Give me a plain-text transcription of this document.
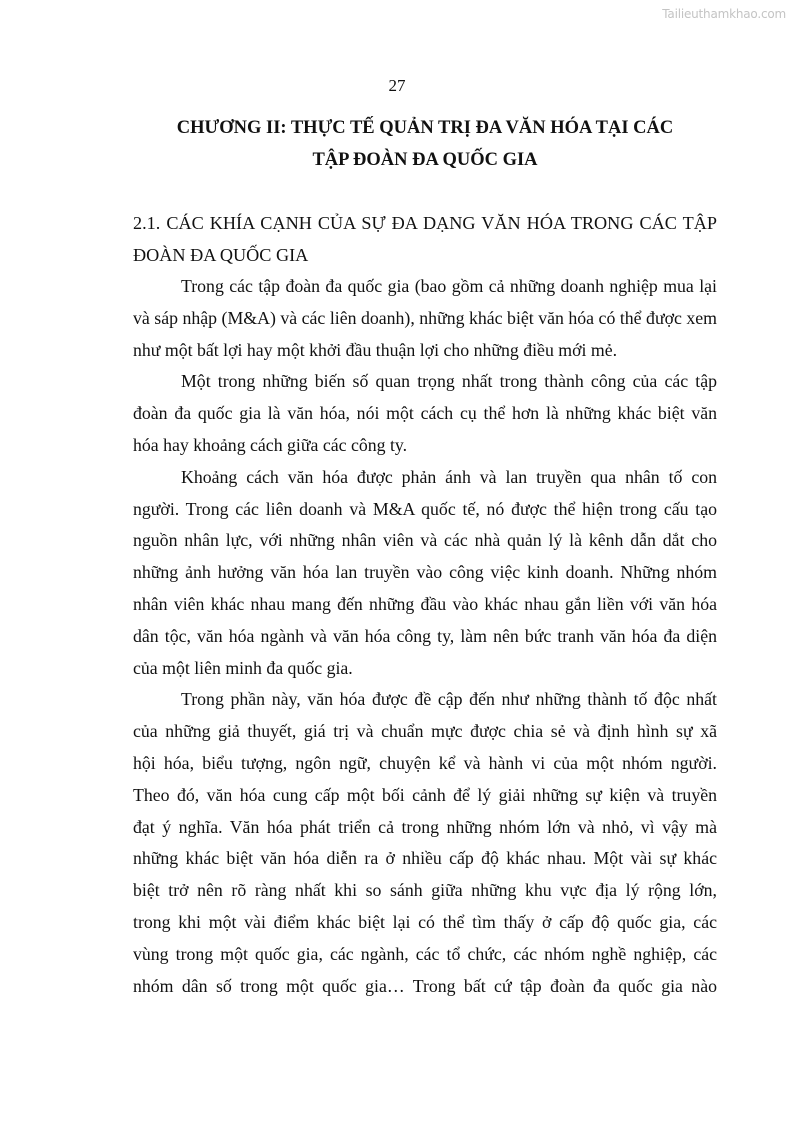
Tailieuthamkhao.com
27
CHƯƠNG II: THỰC TẾ QUẢN TRỊ ĐA VĂN HÓA TẠI CÁC
TẬP ĐOÀN ĐA QUỐC GIA
2.1. CÁC KHÍA CẠNH CỦA SỰ ĐA DẠNG VĂN HÓA TRONG CÁC TẬP
ĐOÀN ĐA QUỐC GIA
Trong các tập đoàn đa quốc gia (bao gồm cả những doanh nghiệp mua lại
và sáp nhập (M&A) và các liên doanh), những khác biệt văn hóa có thể được xem
như một bất lợi hay một khởi đầu thuận lợi cho những điều mới mẻ.
Một trong những biến số quan trọng nhất trong thành công của các tập
đoàn đa quốc gia là văn hóa, nói một cách cụ thể hơn là những khác biệt văn
hóa hay khoảng cách giữa các công ty.
Khoảng cách văn hóa được phản ánh và lan truyền qua nhân tố con
người. Trong các liên doanh và M&A quốc tế, nó được thể hiện trong cấu tạo
nguồn nhân lực, với những nhân viên và các nhà quản lý là kênh dẫn dắt cho
những ảnh hưởng văn hóa lan truyền vào công việc kinh doanh. Những nhóm
nhân viên khác nhau mang đến những đầu vào khác nhau gắn liền với văn hóa
dân tộc, văn hóa ngành và văn hóa công ty, làm nên bức tranh văn hóa đa diện
của một liên minh đa quốc gia.
Trong phần này, văn hóa được đề cập đến như những thành tố độc nhất
của những giả thuyết, giá trị và chuẩn mực được chia sẻ và định hình sự xã
hội hóa, biểu tượng, ngôn ngữ, chuyện kể và hành vi của một nhóm người.
Theo đó, văn hóa cung cấp một bối cảnh để lý giải những sự kiện và truyền
đạt ý nghĩa. Văn hóa phát triển cả trong những nhóm lớn và nhỏ, vì vậy mà
những khác biệt văn hóa diễn ra ở nhiều cấp độ khác nhau. Một vài sự khác
biệt trở nên rõ ràng nhất khi so sánh giữa những khu vực địa lý rộng lớn,
trong khi một vài điểm khác biệt lại có thể tìm thấy ở cấp độ quốc gia, các
vùng trong một quốc gia, các ngành, các tổ chức, các nhóm nghề nghiệp, các
nhóm dân số trong một quốc gia… Trong bất cứ tập đoàn đa quốc gia nào
